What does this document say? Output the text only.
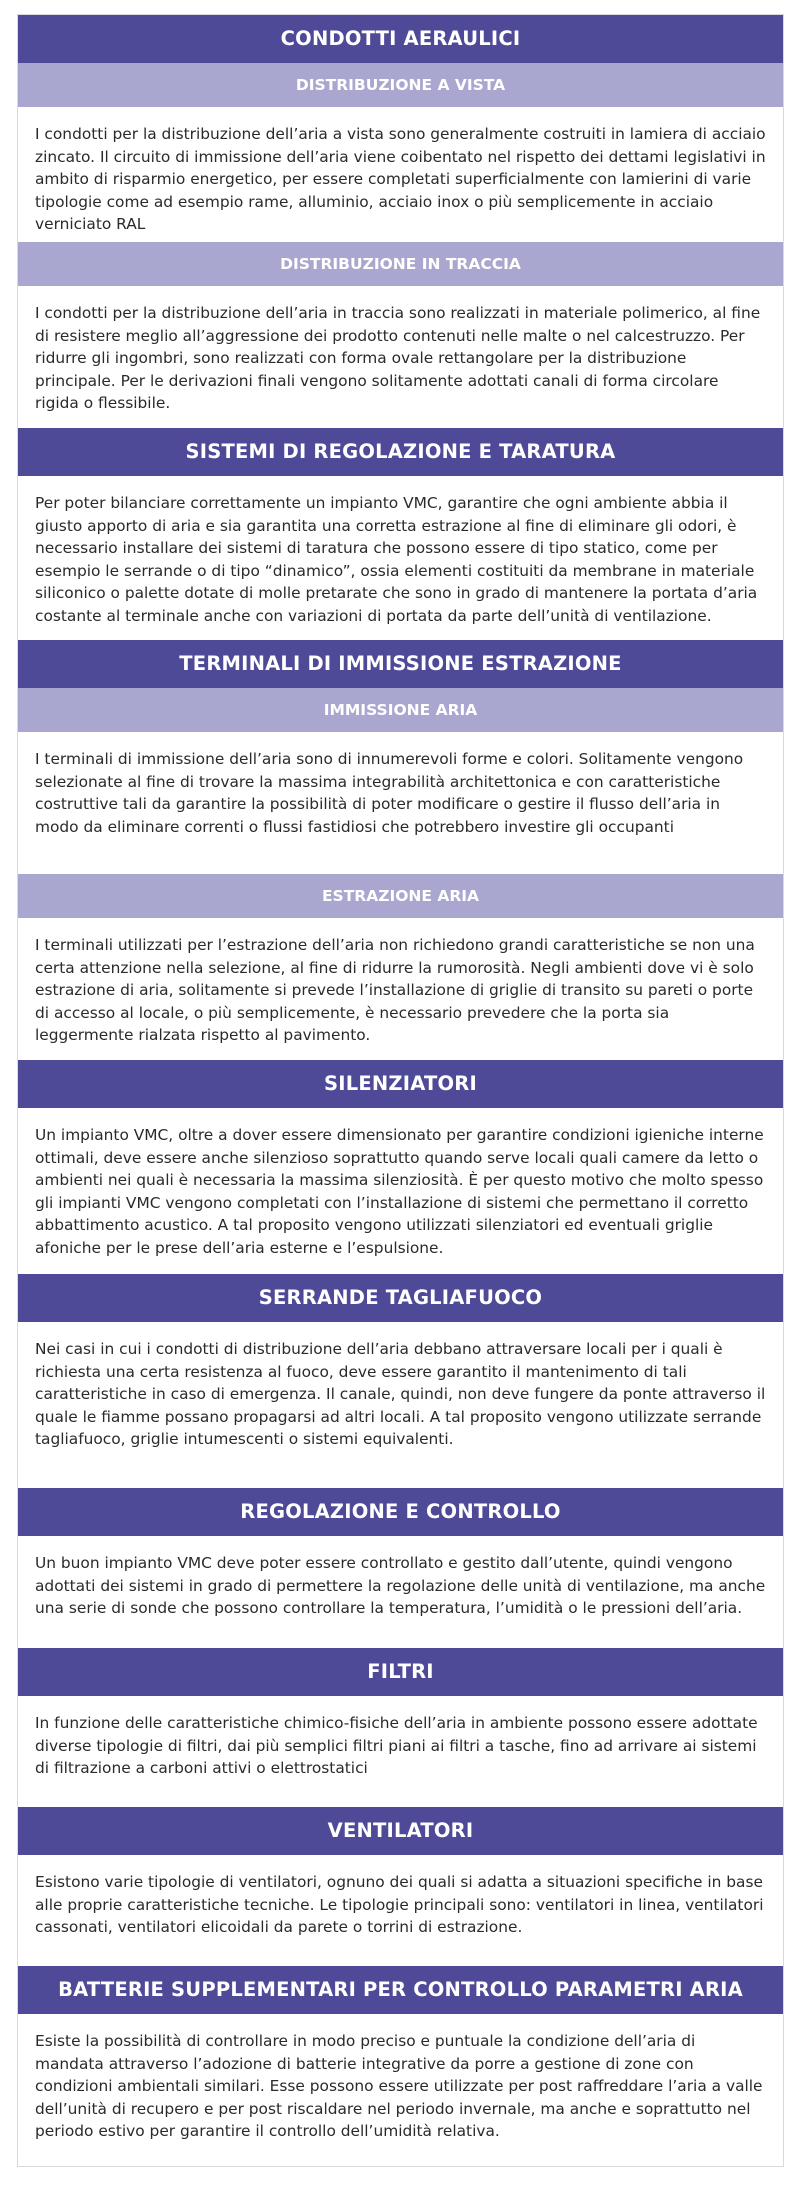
CONDOTTI AERAULICI
DISTRIBUZIONE A VISTA

I condotti per la distribuzione dell’aria a vista sono generalmente costruiti in lamiera di acciaio zincato. Il circuito di immissione dell’aria viene coibentato nel rispetto dei dettami legislativi in ambito di risparmio energetico, per essere completati superficialmente con lamierini di varie tipologie come ad esempio rame, alluminio, acciaio inox o più semplicemente in acciaio verniciato RAL

DISTRIBUZIONE IN TRACCIA

I condotti per la distribuzione dell’aria in traccia sono realizzati in materiale polimerico, al fine di resistere meglio all’aggressione dei prodotto contenuti nelle malte o nel calcestruzzo. Per ridurre gli ingombri, sono realizzati con forma ovale rettangolare per la distribuzione principale. Per le derivazioni finali vengono solitamente adottati canali di forma circolare rigida o flessibile.

SISTEMI DI REGOLAZIONE E TARATURA

Per poter bilanciare correttamente un impianto VMC, garantire che ogni ambiente abbia il giusto apporto di aria e sia garantita una corretta estrazione al fine di eliminare gli odori, è necessario installare dei sistemi di taratura che possono essere di tipo statico, come per esempio le serrande o di tipo “dinamico”, ossia elementi costituiti da membrane in materiale siliconico o palette dotate di molle pretarate che sono in grado di mantenere la portata d’aria costante al terminale anche con variazioni di portata da parte dell’unità di ventilazione.

TERMINALI DI IMMISSIONE ESTRAZIONE
IMMISSIONE ARIA

I terminali di immissione dell’aria sono di innumerevoli forme e colori. Solitamente vengono selezionate al fine di trovare la massima integrabilità architettonica e con caratteristiche costruttive tali da garantire la possibilità di poter modificare o gestire il flusso dell’aria in modo da eliminare correnti o flussi fastidiosi che potrebbero investire gli occupanti

ESTRAZIONE ARIA

I terminali utilizzati per l’estrazione dell’aria non richiedono grandi caratteristiche se non una certa attenzione nella selezione, al fine di ridurre la rumorosità. Negli ambienti dove vi è solo estrazione di aria, solitamente si prevede l’installazione di griglie di transito su pareti o porte di accesso al locale, o più semplicemente, è necessario prevedere che la porta sia leggermente rialzata rispetto al pavimento.

SILENZIATORI

Un impianto VMC, oltre a dover essere dimensionato per garantire condizioni igieniche interne ottimali, deve essere anche silenzioso soprattutto quando serve locali quali camere da letto o ambienti nei quali è necessaria la massima silenziosità. È per questo motivo che molto spesso gli impianti VMC vengono completati con l’installazione di sistemi che permettano il corretto abbattimento acustico. A tal proposito vengono utilizzati silenziatori ed eventuali griglie afoniche per le prese dell’aria esterne e l’espulsione.

SERRANDE TAGLIAFUOCO

Nei casi in cui i condotti di distribuzione dell’aria debbano attraversare locali per i quali è richiesta una certa resistenza al fuoco, deve essere garantito il mantenimento di tali caratteristiche in caso di emergenza. Il canale, quindi, non deve fungere da ponte attraverso il quale le fiamme possano propagarsi ad altri locali. A tal proposito vengono utilizzate serrande tagliafuoco, griglie intumescenti o sistemi equivalenti.

REGOLAZIONE E CONTROLLO

Un buon impianto VMC deve poter essere controllato e gestito dall’utente, quindi vengono adottati dei sistemi in grado di permettere la regolazione delle unità di ventilazione, ma anche una serie di sonde che possono controllare la temperatura, l’umidità o le pressioni dell’aria.

FILTRI

In funzione delle caratteristiche chimico-fisiche dell’aria in ambiente possono essere adottate diverse tipologie di filtri, dai più semplici filtri piani ai filtri a tasche, fino ad arrivare ai sistemi di filtrazione a carboni attivi o elettrostatici

VENTILATORI

Esistono varie tipologie di ventilatori, ognuno dei quali si adatta a situazioni specifiche in base alle proprie caratteristiche tecniche. Le tipologie principali sono: ventilatori in linea, ventilatori cassonati, ventilatori elicoidali da parete o torrini di estrazione.

BATTERIE SUPPLEMENTARI PER CONTROLLO PARAMETRI ARIA

Esiste la possibilità di controllare in modo preciso e puntuale la condizione dell’aria di mandata attraverso l’adozione di batterie integrative da porre a gestione di zone con condizioni ambientali similari. Esse possono essere utilizzate per post raffreddare l’aria a valle dell’unità di recupero e per post riscaldare nel periodo invernale, ma anche e soprattutto nel periodo estivo per garantire il controllo dell’umidità relativa.
